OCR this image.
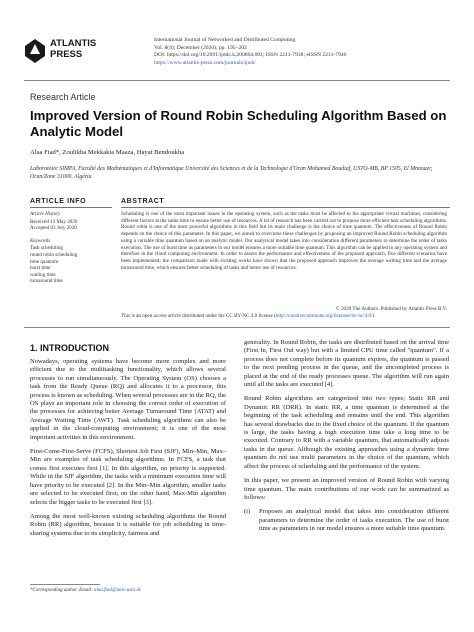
ATLANTIS
PRESS
International Journal of Networked and Distributed Computing
Vol. 8(4); December (2020), pp. 195–202
DOI: https://doi.org/10.2991/ijndc.k.200804.001; ISSN 2211-7938; eISSN 2211-7946
https://www.atlantis-press.com/journals/ijndc
Research Article
Improved Version of Round Robin Scheduling Algorithm Based on Analytic Model
Alaa Fiad*, Zoulikha Mekkakia Maaza, Hayat Bendoukha
Laboratoire SIMPA, Faculté des Mathématiques et d'Informatique Université des Sciences et de la Technologie d'Oran Mohamed Boudiaf, USTO-MB, BP 1505, El Mnaouer, Oran/Zone 31000, Algéria
ARTICLE INFO
Article History
Received 13 May 2020
Accepted 03 July 2020
Keywords
Task scheduling
round robin scheduling
time quantum
burst time
waiting time
turnaround time
ABSTRACT

Scheduling is one of the most important issues in the operating system, such as the tasks must be affected to the appropriate virtual machines, considering different factors at the same time to ensure better use of resources. A lot of research has been carried out to propose more efficient task scheduling algorithms. Round robin is one of the most powerful algorithms in this field but its main challenge is the choice of time quantum. The effectiveness of Round Robin depends on the choice of this parameter. In this paper, we aimed to overcome these challenges by proposing an improved Round Robin scheduling algorithm using a variable time quantum based on an analytic model. Our analytical model takes into consideration different parameters to determine the order of tasks execution. The use of burst time as parameters in our model ensures a more suitable time quantum. This algorithm can be applied in any operating system and therefore in the cloud computing environment. In order to assess the performance and effectiveness of the proposed approach, five different scenarios have been implemented; the comparison made with existing works have shown that the proposed approach improves the average waiting time and the average turnaround time, which ensures better scheduling of tasks and better use of resources.

© 2020 The Authors. Published by Atlantis Press B.V.
This is an open access article distributed under the CC BY-NC 4.0 license (http://creativecommons.org/licenses/by-nc/4.0/).
1. INTRODUCTION

Nowadays, operating systems have become more complex and more efficient due to the multitasking functionality, which allows several processes to run simultaneously. The Operating System (OS) chooses a task from the Ready Queue (RQ) and allocates it to a processor, this process is known as scheduling. When several processes are in the RQ, the OS plays an important role in choosing the correct order of execution of the processes for achieving better Average Turnaround Time (ATAT) and Average Waiting Time (AWT). Task scheduling algorithms can also be applied in the cloud-computing environment; it is one of the most important activities in this environment.

First-Come-First-Serve (FCFS), Shortest Job First (SJF), Min–Min, Max–Min are examples of task scheduling algorithms. In FCFS, a task that comes first executes first [1]. In this algorithm, no priority is supported. While in the SJF algorithm, the tasks with a minimum execution time will have priority to be executed [2]. In the Min–Min algorithm, smaller tasks are selected to be executed first; on the other hand, Max-Min algorithm selects the bigger tasks to be executed first [3].

Among the most well-known existing scheduling algorithms the Round Robin (RR) algorithm, because it is suitable for job scheduling in time-sharing systems due to its simplicity, fairness and

generality. In Round Robin, the tasks are distributed based on the arrival time (First In, First Out way) but with a limited CPU time called "quantum". If a process does not complete before its quantum expires, the quantum is passed to the next pending process in the queue, and the uncompleted process is placed at the end of the ready processes queue. The algorithm will run again until all the tasks are executed [4].

Round Robin algorithms are categorized into two types; Static RR and Dynamic RR (DRR). In static RR, a time quantum is determined at the beginning of the task scheduling and remains until the end. This algorithm has several drawbacks due to the fixed choice of the quantum. If the quantum is large, the tasks having a high execution time take a long time to be executed. Contrary to RR with a variable quantum, that automatically adjusts tasks in the queue. Although the existing approaches using a dynamic time quantum do not use multi parameters in the choice of the quantum, which affect the process of scheduling and the performance of the system.

In this paper, we present an improved version of Round Robin with varying time quantum. The main contributions of our work can be summarized as follows:

(i)	Proposes an analytical model that takes into consideration different parameters to determine the order of tasks execution. The use of burst time as parameters in our model ensures a more suitable time quantum.
*Corresponding author. Email: alaa.fiad@univ-usto.dz
